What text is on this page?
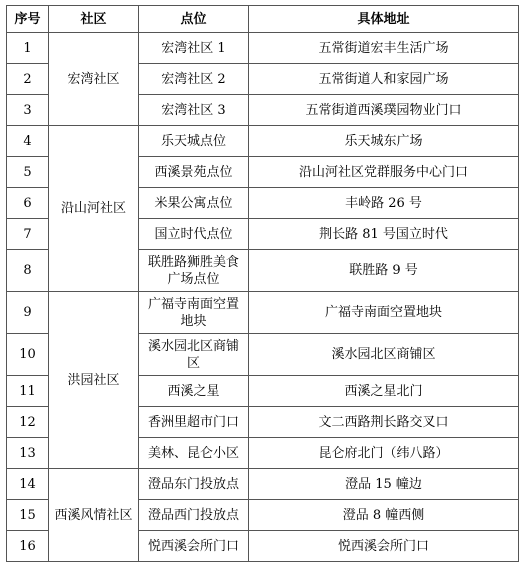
序号	社区	点位	具体地址
1	宏湾社区	宏湾社区 1	五常街道宏丰生活广场
2		宏湾社区 2	五常街道人和家园广场
3		宏湾社区 3	五常街道西溪璞园物业门口
4	沿山河社区	乐天城点位	乐天城东广场
5		西溪景苑点位	沿山河社区党群服务中心门口
6		米果公寓点位	丰岭路 26 号
7		国立时代点位	荆长路 81 号国立时代
8		联胜路狮胜美食广场点位	联胜路 9 号
9	洪园社区	广福寺南面空置地块	广福寺南面空置地块
10		溪水园北区商铺区	溪水园北区商铺区
11		西溪之星	西溪之星北门
12		香洲里超市门口	文二西路荆长路交叉口
13		美林、昆仑小区	昆仑府北门（纬八路）
14	西溪风情社区	澄品东门投放点	澄品 15 幢边
15		澄品西门投放点	澄品 8 幢西侧
16		悦西溪会所门口	悦西溪会所门口
